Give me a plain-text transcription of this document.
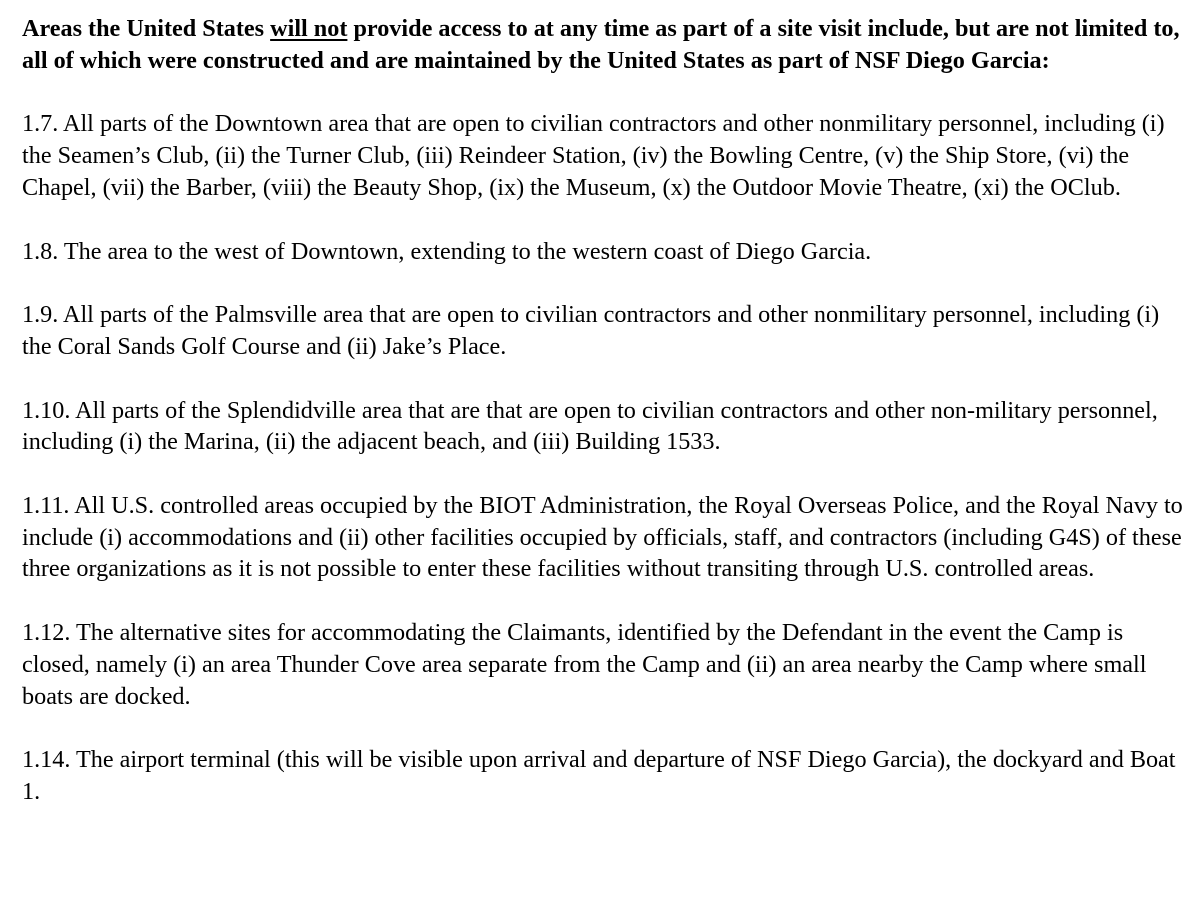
Areas the United States will not provide access to at any time as part of a site visit include, but are not limited to, all of which were constructed and are maintained by the United States as part of NSF Diego Garcia:

1.7. All parts of the Downtown area that are open to civilian contractors and other nonmilitary personnel, including (i) the Seamen’s Club, (ii) the Turner Club, (iii) Reindeer Station, (iv) the Bowling Centre, (v) the Ship Store, (vi) the Chapel, (vii) the Barber, (viii) the Beauty Shop, (ix) the Museum, (x) the Outdoor Movie Theatre, (xi) the OClub.

1.8. The area to the west of Downtown, extending to the western coast of Diego Garcia.

1.9. All parts of the Palmsville area that are open to civilian contractors and other nonmilitary personnel, including (i) the Coral Sands Golf Course and (ii) Jake’s Place.

1.10. All parts of the Splendidville area that are that are open to civilian contractors and other non-military personnel, including (i) the Marina, (ii) the adjacent beach, and (iii) Building 1533.

1.11. All U.S. controlled areas occupied by the BIOT Administration, the Royal Overseas Police, and the Royal Navy to include (i) accommodations and (ii) other facilities occupied by officials, staff, and contractors (including G4S) of these three organizations as it is not possible to enter these facilities without transiting through U.S. controlled areas.

1.12. The alternative sites for accommodating the Claimants, identified by the Defendant in the event the Camp is closed, namely (i) an area Thunder Cove area separate from the Camp and (ii) an area nearby the Camp where small boats are docked.

1.14. The airport terminal (this will be visible upon arrival and departure of NSF Diego Garcia), the dockyard and Boat 1.
